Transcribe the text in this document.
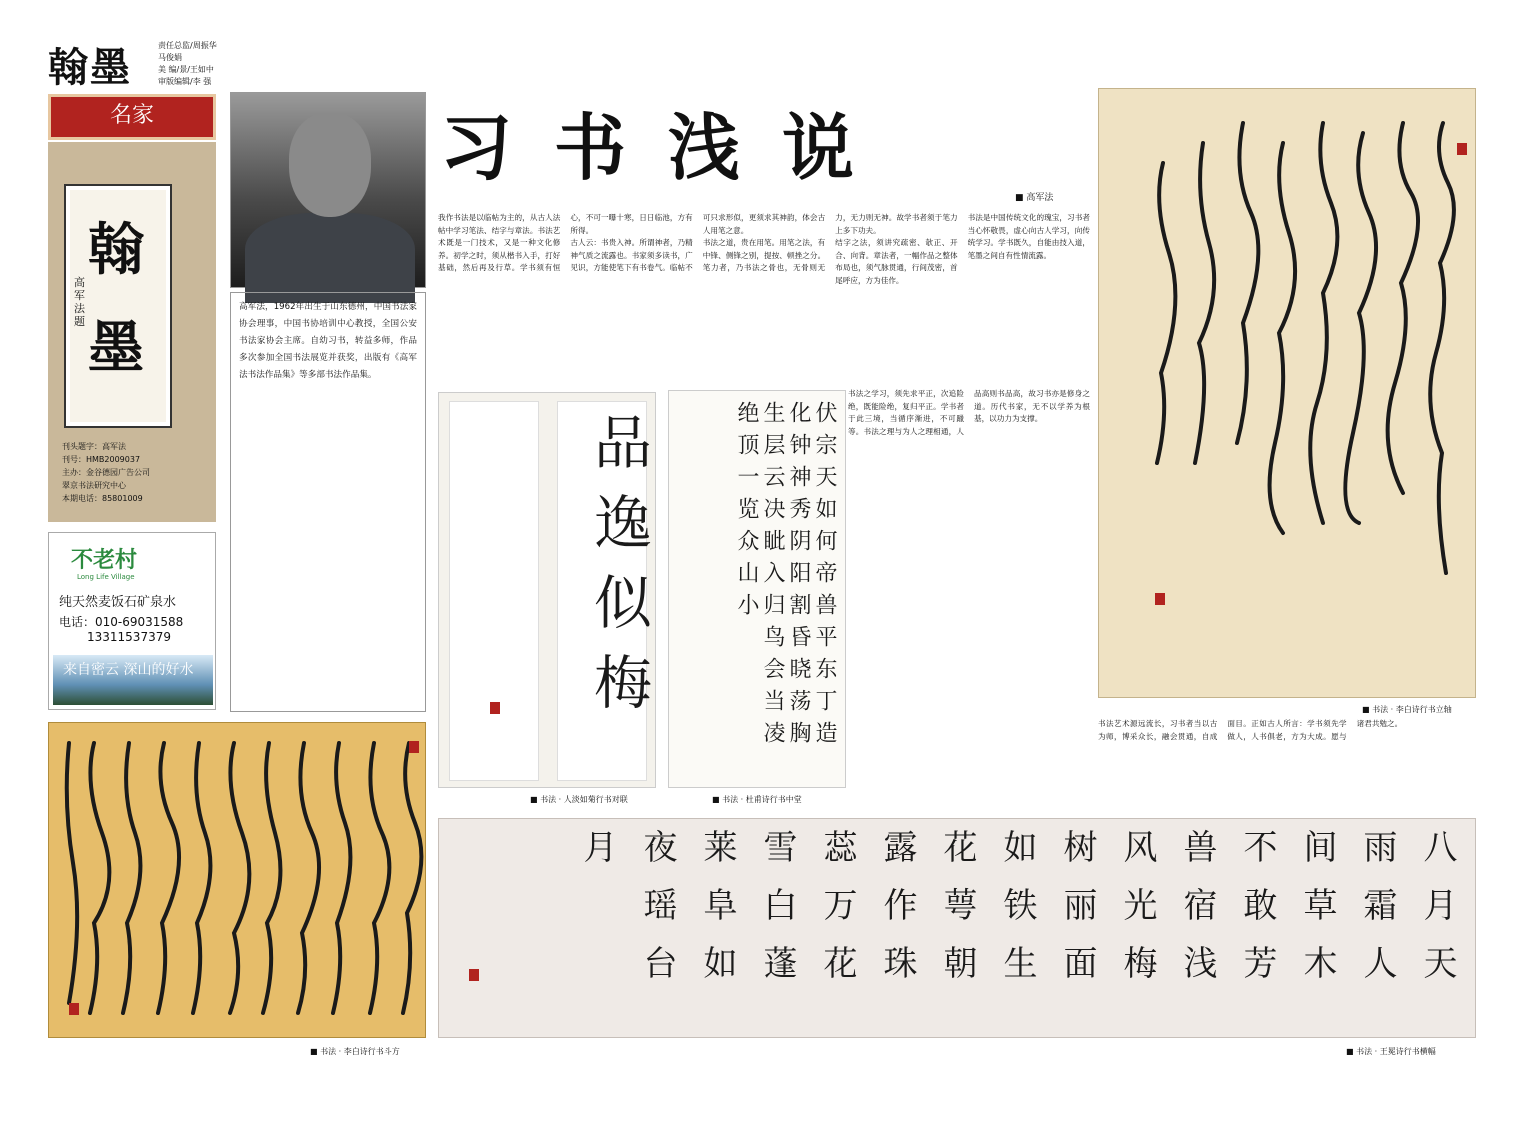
翰墨	责任总监/周振华
马俊娟
美 编/景/王如中
审版编辑/李 强
名家
翰
墨
高军法题
刊头题字：高军法
刊号：HMB2009037
主办：金谷德园广告公司
翠京书法研究中心
本期电话：85801009
高军法，1962年出生于山东德州，中国书法家协会理事，中国书协培训中心教授，全国公安书法家协会主席。自幼习书，转益多师，作品多次参加全国书法展览并获奖，出版有《高军法书法作品集》等多部书法作品集。
不老村
Long Life Village
纯天然麦饭石矿泉水
电话：010-69031588
13311537379
来自密云 深山的好水
习书浅说
■ 高军法

我作书法是以临帖为主的，从古人法帖中学习笔法、结字与章法。书法艺术既是一门技术，又是一种文化修养。初学之时，须从楷书入手，打好基础，然后再及行草。学书须有恒心，不可一曝十寒，日日临池，方有所得。

古人云：书贵入神。所谓神者，乃精神气质之流露也。书家须多读书，广见识，方能使笔下有书卷气。临帖不可只求形似，更须求其神韵，体会古人用笔之意。

书法之道，贵在用笔。用笔之法，有中锋、侧锋之别，提按、顿挫之分。笔力者，乃书法之骨也，无骨则无力，无力则无神。故学书者须于笔力上多下功夫。

结字之法，须讲究疏密、欹正、开合、向背。章法者，一幅作品之整体布局也，须气脉贯通，行间茂密，首尾呼应，方为佳作。

书法是中国传统文化的瑰宝，习书者当心怀敬畏，虚心向古人学习，向传统学习。学书既久，自能由技入道，笔墨之间自有性情流露。

书法之学习，须先求平正，次追险绝，既能险绝，复归平正。学书者于此三境，当循序渐进，不可躐等。书法之理与为人之理相通，人品高则书品高，故习书亦是修身之道。历代书家，无不以学养为根基，以功力为支撑。
书法艺术源远流长，习书者当以古为师，博采众长，融会贯通，自成面目。正如古人所言：学书须先学做人，人书俱老，方为大成。愿与诸君共勉之。
品逸似梅
■ 书法 · 人淡如菊行书对联
伏宗天如何帝兽平东丁造化钟神秀阴阳割昏晓荡胸生层云决眦入归鸟会当凌绝顶一览众山小
■ 书法 · 杜甫诗行书中堂
■ 书法 · 李白诗行书立轴
■ 书法 · 李白诗行书斗方
八月天雨霜人间草木不敢芳兽宿浅风光梅树丽面如铁生花萼朝露作珠蕊万花雪白蓬莱阜如夜瑶台月
■ 书法 · 王冕诗行书横幅
